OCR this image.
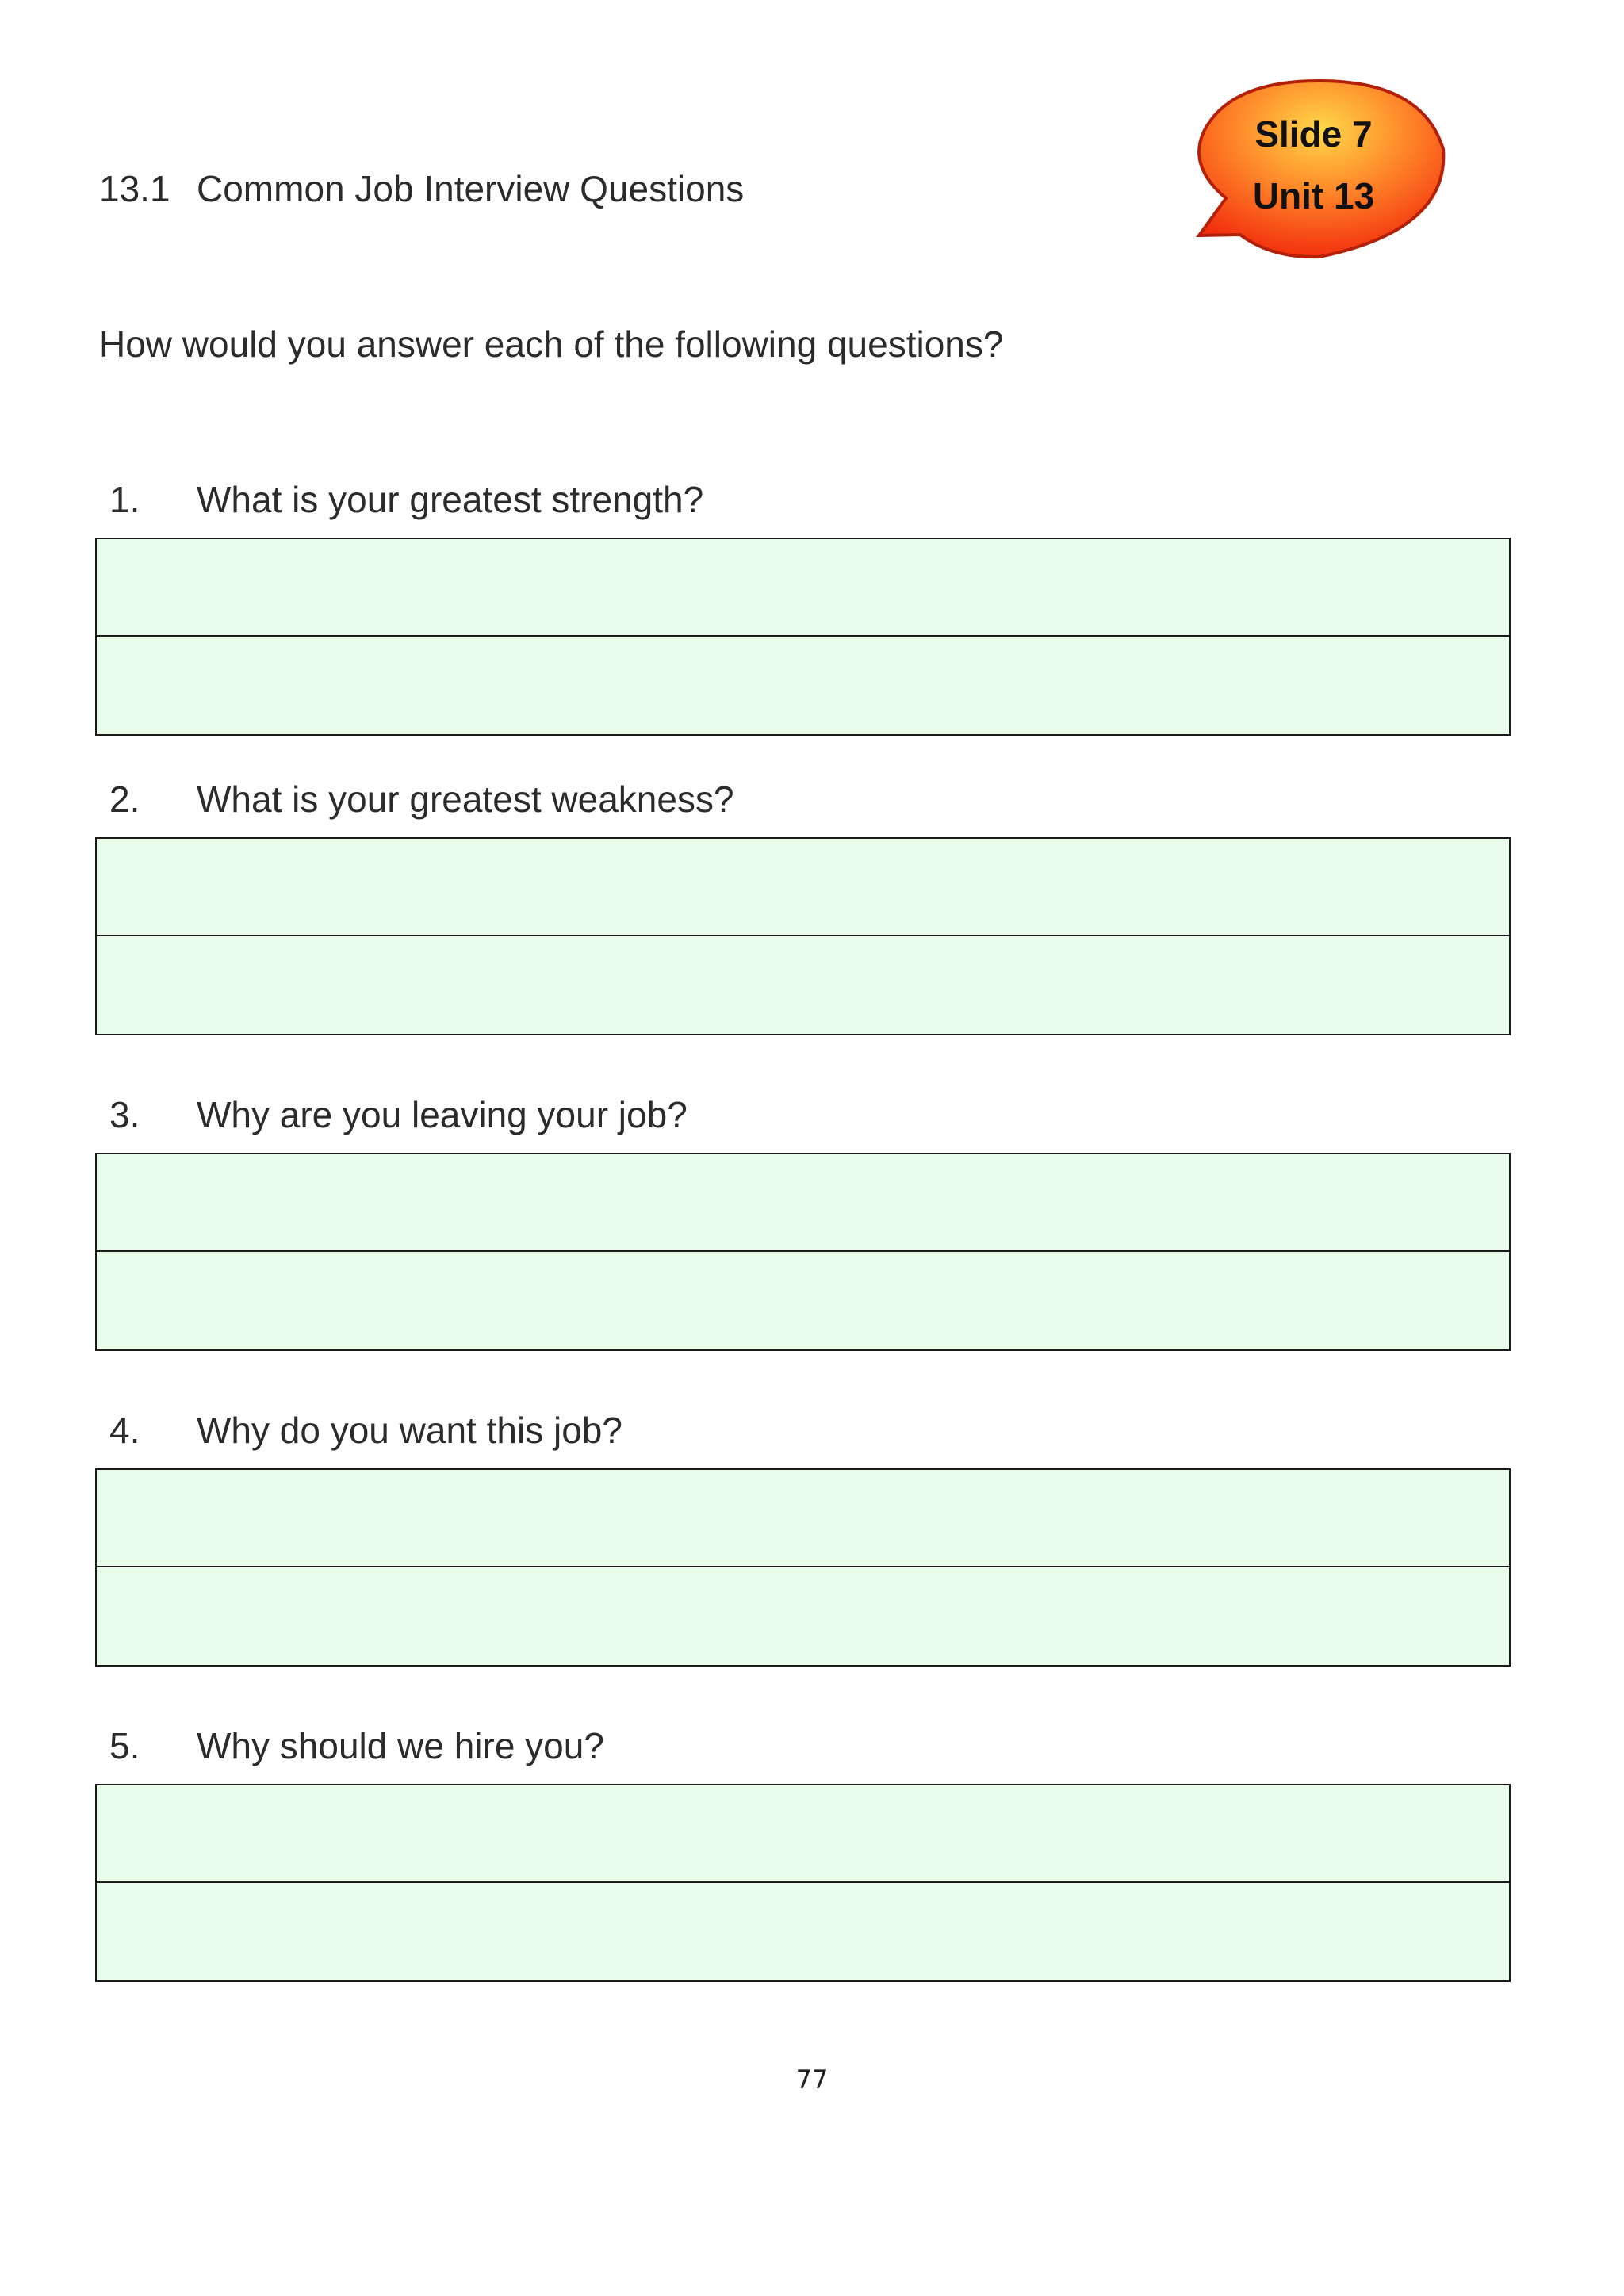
13.1 Common Job Interview Questions
Slide 7
Unit 13
How would you answer each of the following questions?
1. What is your greatest strength?
2. What is your greatest weakness?
3. Why are you leaving your job?
4. Why do you want this job?
5. Why should we hire you?
77
